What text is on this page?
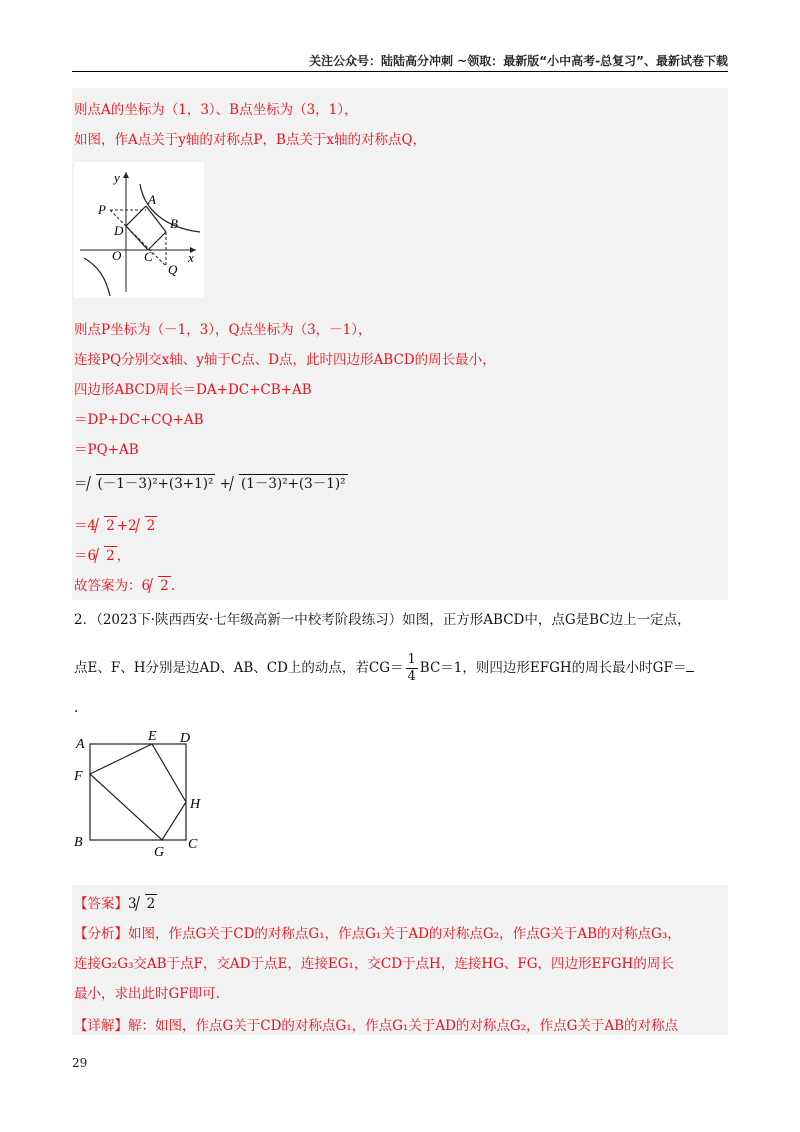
关注公众号：陆陆高分冲刺 ~领取：最新版“小中高考-总复习”、最新试卷下载
则点A的坐标为（1，3）、B点坐标为（3，1），
如图，作A点关于y轴的对称点P，B点关于x轴的对称点Q，
y
x
P
A
B
D
O C
Q
则点P坐标为（－1，3），Q点坐标为（3，－1），
连接PQ分别交x轴、y轴于C点、D点，此时四边形ABCD的周长最小，
四边形ABCD周长＝DA+DC+CB+AB
＝DP+DC+CQ+AB
＝PQ+AB
＝ (－1－3)²+(3+1)² + (1－3)²+(3－1)²
＝4 2 +2 2
＝6 2 ，
故答案为：6 2 .
2．（2023下·陕西西安·七年级高新一中校考阶段练习）如图，正方形ABCD中，点G是BC边上一定点，
点E、F、H分别是边AD、AB、CD上的动点，若$CG= \frac{1}{4} BC=1$，则四边形EFGH的周长最小时GF＝
.
A
E D
F
H
B
G
C
【答案】3 2
【分析】如图，作点G关于CD的对称点G₁，作点G₁关于AD的对称点G₂，作点G关于AB的对称点G₃，
连接G₂G₃交AB于点F，交AD于点E，连接EG₁，交CD于点H，连接HG、FG，四边形EFGH的周长
最小，求出此时GF即可.
【详解】解：如图，作点G关于CD的对称点G₁，作点G₁关于AD的对称点G₂，作点G关于AB的对称点
29
